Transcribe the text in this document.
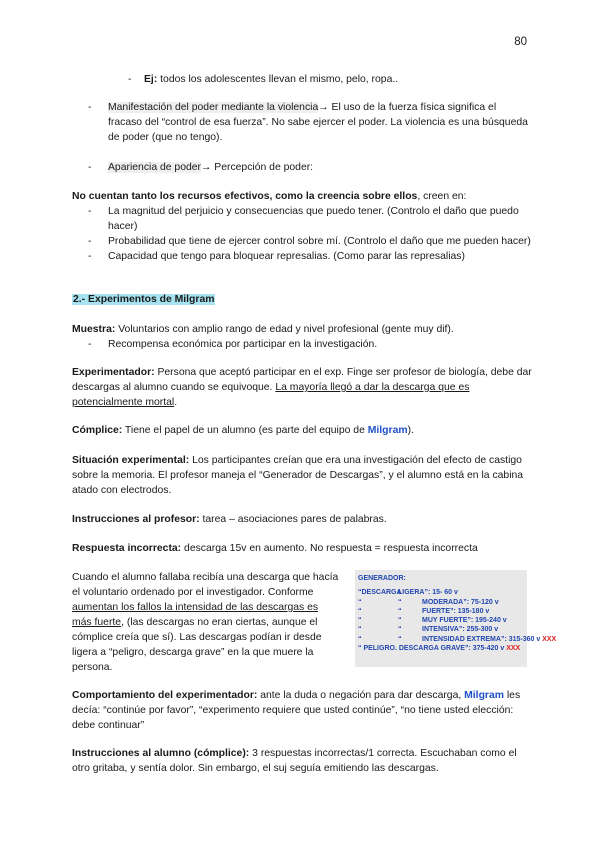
80
- Ej: todos los adolescentes llevan el mismo, pelo, ropa..
- Manifestación del poder mediante la violencia→ El uso de la fuerza física significa el fracaso del “control de esa fuerza”. No sabe ejercer el poder. La violencia es una búsqueda de poder (que no tengo).
- Apariencia de poder→ Percepción de poder:
No cuentan tanto los recursos efectivos, como la creencia sobre ellos, creen en:
- La magnitud del perjuicio y consecuencias que puedo tener. (Controlo el daño que puedo hacer)
- Probabilidad que tiene de ejercer control sobre mí. (Controlo el daño que me pueden hacer)
- Capacidad que tengo para bloquear represalias. (Como parar las represalias)
2.- Experimentos de Milgram
Muestra: Voluntarios con amplio rango de edad y nivel profesional (gente muy dif).
- Recompensa económica por participar en la investigación.
Experimentador: Persona que aceptó participar en el exp. Finge ser profesor de biología, debe dar descargas al alumno cuando se equivoque. La mayoría llegó a dar la descarga que es potencialmente mortal.
Cómplice: Tiene el papel de un alumno (es parte del equipo de Milgram).
Situación experimental: Los participantes creían que era una investigación del efecto de castigo sobre la memoria. El profesor maneja el “Generador de Descargas”, y el alumno está en la cabina atado con electrodos.
Instrucciones al profesor: tarea – asociaciones pares de palabras.
Respuesta incorrecta: descarga 15v en aumento. No respuesta = respuesta incorrecta
Cuando el alumno fallaba recibía una descarga que hacía el voluntario ordenado por el investigador. Conforme aumentan los fallos la intensidad de las descargas es más fuerte, (las descargas no eran ciertas, aunque el cómplice creía que sí). Las descargas podían ir desde ligera a “peligro, descarga grave” en la que muere la persona.
GENERADOR:
“DESCARGALIGERA”: 15- 60 v
“	“	MODERADA”: 75-120 v
“	“	FUERTE”: 135-180 v
“	“	MUY FUERTE”: 195-240 v
“	“	INTENSIVA”: 255-300 v
“	“	INTENSIDAD EXTREMA”: 315-360 v XXX
“ PELIGRO. DESCARGA GRAVE”: 375-420 v XXX
Comportamiento del experimentador: ante la duda o negación para dar descarga, Milgram les decía: “continúe por favor”, “experimento requiere que usted continúe”, “no tiene usted elección: debe continuar”
Instrucciones al alumno (cómplice): 3 respuestas incorrectas/1 correcta. Escuchaban como el otro gritaba, y sentía dolor. Sin embargo, el suj seguía emitiendo las descargas.
